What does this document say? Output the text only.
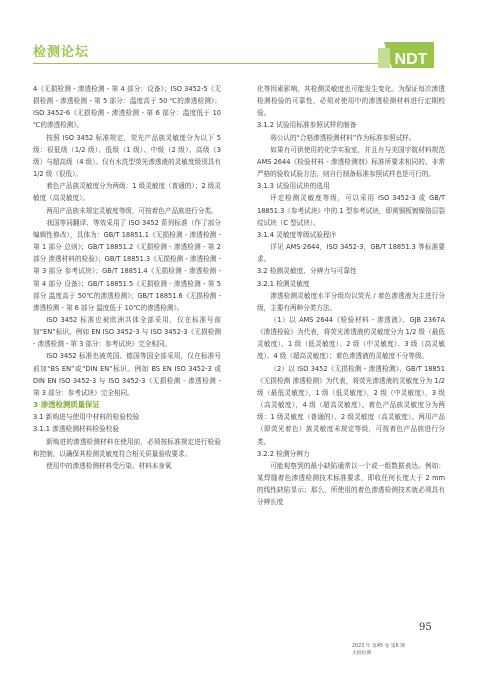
检测论坛	NDT

4《无损检测 - 渗透检测 - 第 4 部分：设备》；ISO 3452-5《无损检测 - 渗透检测 - 第 5 部分：温度高于 50 ℃的渗透检测》；ISO 3452-6《无损检测 - 渗透检测 - 第 6 部分：温度低于 10 ℃的渗透检测》。

按照 ISO 3452 标准规定，荧光产品族灵敏度分为以下 5 级：很低级（1/2 级）、低级（1 级）、中级（2 级）、高级（3 级）与超高级（4 级）。仅有水洗型荧光渗透液的灵敏度级别具有 1/2 级（很低）。

着色产品族灵敏度分为两级：1 级灵敏度（普通的）；2 级灵敏度（高灵敏度）。

两用产品族未规定灵敏度等级，可按着色产品族进行分类。

我国等同翻译、等效采用了 ISO 3452 系列标准（作了部分编辑性修改），具体为：GB/T 18851.1《无损检测 - 渗透检测 - 第 1 部分 总则》；GB/T 18851.2《无损检测 - 渗透检测 - 第 2 部分 渗透材料的检验》；GB/T 18851.3《无损检测 - 渗透检测 - 第 3 部分 参考试块》；GB/T 18851.4《无损检测 - 渗透检测 - 第 4 部分 设备》；GB/T 18851.5《无损检测 - 渗透检测 - 第 5 部分 温度高于 50℃的渗透检测》；GB/T 18851.6《无损检测 - 渗透检测 - 第 6 部分 温度低于 10℃的渗透检测》。

ISO 3452 标准也被欧洲共体全部采用，仅在标准号前加“EN”标识。例如 EN ISO 3452-3 与 ISO 3452-3《无损检测 - 渗透检测 - 第 3 部分：参考试块》完全相同。

ISO 3452 标准也被英国、德国等国全部采用，仅在标准号前加“BS EN”或“DIN EN”标识。例如 BS EN ISO 3452-3 或 DIN EN ISO 3452-3 与 ISO 3452-3《无损检测 - 渗透检测 - 第 3 部分：参考试块》完全相同。

3 渗透检测质量保证

3.1 新购进与使用中材料的检验校验

3.1.1 渗透检测材料检验校验

新购进的渗透检测材料在使用前，必须按标准规定进行检验和控制，以确保其检测灵敏度符合相关质量验收要求。

使用中的渗透检测材料受污染、材料本身氧

化等因素影响，其检测灵敏度也可能发生变化。为保证每次渗透检测检验的可靠性，必须对使用中的渗透检测材料进行定期校验。

3.1.2 试验用标准参照试样的制备

将公认的“合格渗透检测材料”作为标准参照试样。

如果有可供使用的化学实验室，并且有与美国宇航材料规范 AMS 2644《检验材料 - 渗透检测剂》标准所要求相同的、非常严格的验收试验方法，则自行制备标准参照试样也是可行的。

3.1.3 试验用试块的选用

评定检测灵敏度等级，可以采用 ISO 3452-3 或 GB/T 18851.3《参考试块》中的 1 型参考试块，即黄铜板镀镍铬层裂纹试块（C 型试块）。

3.1.4 灵敏度等级试验程序

详见 AMS-2644，ISO 3452-3，GB/T 18851.3 等标准要求。

3.2 检测灵敏度、分辨力与可靠性

3.2.1 检测灵敏度

渗透检测灵敏度水平分级均以荧光 / 着色渗透液为主进行分级，主要有两种分类方法。

（1）以 AMS 2644《检验材料 - 渗透液》、GJB 2367A《渗透检验》为代表，将荧光渗透液的灵敏度分为 1/2 级（最低灵敏度）、1 级（低灵敏度）、2 级（中灵敏度）、3 级（高灵敏度）、4 级（超高灵敏度）；着色渗透液的灵敏度不分等级。

（2）以 ISO 3452《无损检测 - 渗透检测》、GB/T 18851《无损检测 渗透检测》为代表，将荧光渗透液的灵敏度分为 1/2 级（最低灵敏度），1 级（低灵敏度），2 级（中灵敏度），3 级（高灵敏度），4 级（超高灵敏度）。着色产品族灵敏度分为两级：1 级灵敏度（普通的）、2 级灵敏度（高灵敏度）。两用产品（即荧光着色）族灵敏度未规定等级，可按着色产品族进行分类。

3.2.2 检测分辨力

可能观察到的最小缺陷通常以一个或一组数据表达。例如：某焊缝着色渗透检测技术标准要求，即收任何长度大于 2 mm 的线性缺陷显示；那么，所使用的着色渗透检测技术就必须具有分辨长度

95
2023 年 第45 卷 第6 期
无损检测
